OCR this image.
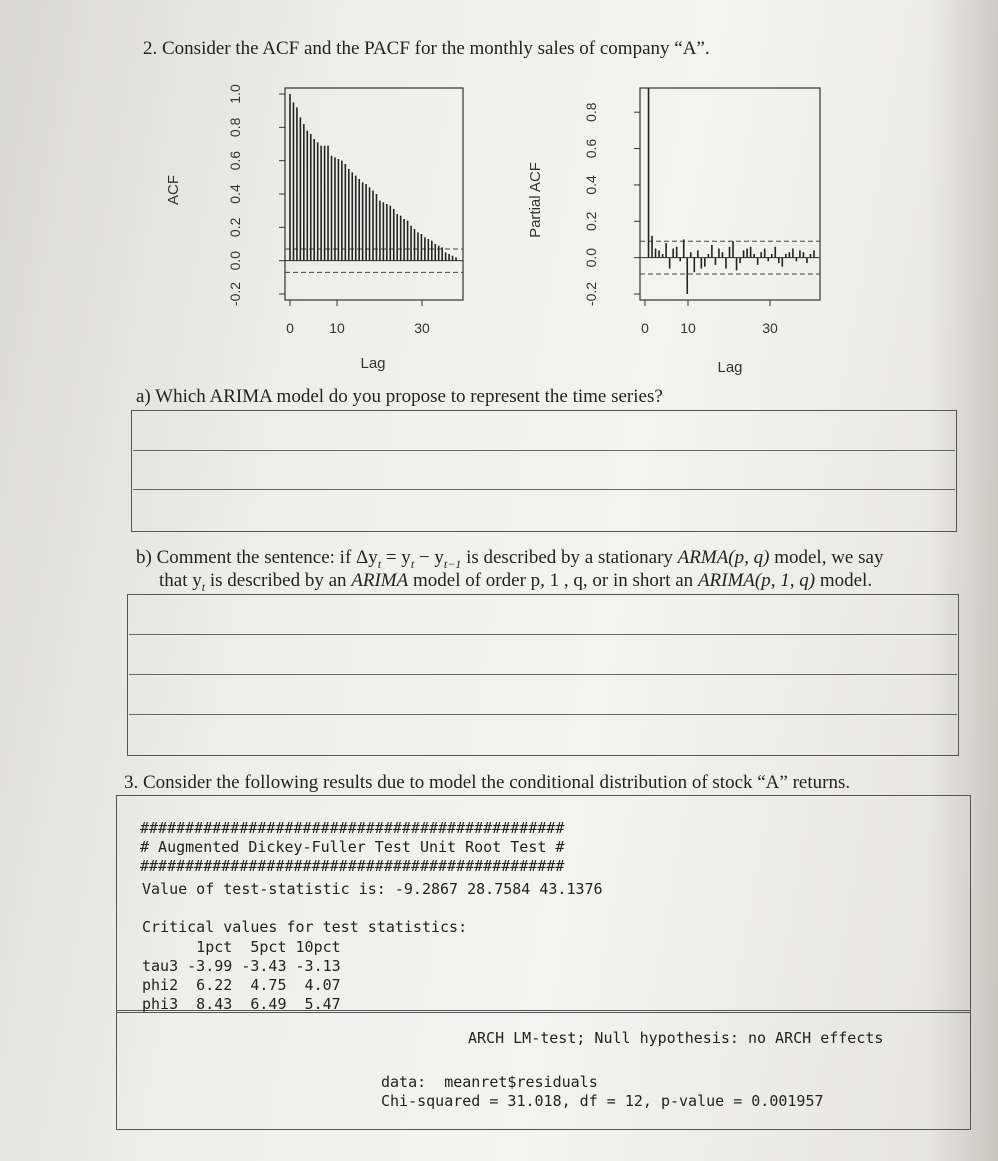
2. Consider the ACF and the PACF for the monthly sales of company “A”.
ACF
-0.2
0.0
0.2
0.4
0.6
0.8
1.0
0	10	30
Lag
Partial ACF
-0.2
0.0
0.2
0.4
0.6
0.8
0 10	30
Lag
a) Which ARIMA model do you propose to represent the time series?
b) Comment the sentence: if $\Delta y_t = y_t - y_{t-1}$ is described by a stationary ARMA(p, q) model, we say
that $y_t$ is described by an ARIMA model of order p, 1 , q, or in short an ARIMA(p, 1, q) model.
3. Consider the following results due to model the conditional distribution of stock “A” returns.
###############################################
# Augmented Dickey-Fuller Test Unit Root Test #
###############################################
Value of test-statistic is: -9.2867 28.7584 43.1376
Critical values for test statistics:
1pct  5pct 10pct
tau3 -3.99 -3.43 -3.13
phi2  6.22  4.75  4.07
phi3  8.43  6.49  5.47
ARCH LM-test; Null hypothesis: no ARCH effects
data:  meanret$residuals
Chi-squared = 31.018, df = 12, p-value = 0.001957
